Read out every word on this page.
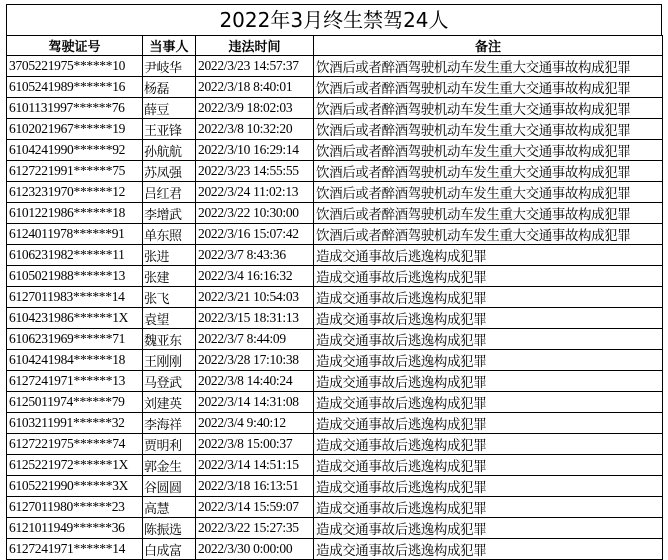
2022年3月终生禁驾24人
驾驶证号	当事人	违法时间	备注
3705221975******10	尹岐华	2022/3/23 14:57:37	饮酒后或者醉酒驾驶机动车发生重大交通事故构成犯罪
6105241989******16	杨磊	2022/3/18 8:40:01	饮酒后或者醉酒驾驶机动车发生重大交通事故构成犯罪
6101131997******76	薛豆	2022/3/9 18:02:03	饮酒后或者醉酒驾驶机动车发生重大交通事故构成犯罪
6102021967******19	王亚锋	2022/3/8 10:32:20	饮酒后或者醉酒驾驶机动车发生重大交通事故构成犯罪
6104241990******92	孙航航	2022/3/10 16:29:14	饮酒后或者醉酒驾驶机动车发生重大交通事故构成犯罪
6127221991******75	苏凤强	2022/3/23 14:55:55	饮酒后或者醉酒驾驶机动车发生重大交通事故构成犯罪
6123231970******12	吕红君	2022/3/24 11:02:13	饮酒后或者醉酒驾驶机动车发生重大交通事故构成犯罪
6101221986******18	李增武	2022/3/22 10:30:00	饮酒后或者醉酒驾驶机动车发生重大交通事故构成犯罪
6124011978******91	单东照	2022/3/16 15:07:42	饮酒后或者醉酒驾驶机动车发生重大交通事故构成犯罪
6106231982******11	张进	2022/3/7 8:43:36	造成交通事故后逃逸构成犯罪
6105021988******13	张建	2022/3/4 16:16:32	造成交通事故后逃逸构成犯罪
6127011983******14	张飞	2022/3/21 10:54:03	造成交通事故后逃逸构成犯罪
6104231986******1X	袁望	2022/3/15 18:31:13	造成交通事故后逃逸构成犯罪
6106231969******71	魏亚东	2022/3/7 8:44:09	造成交通事故后逃逸构成犯罪
6104241984******18	王刚刚	2022/3/28 17:10:38	造成交通事故后逃逸构成犯罪
6127241971******13	马登武	2022/3/8 14:40:24	造成交通事故后逃逸构成犯罪
6125011974******79	刘建英	2022/3/14 14:31:08	造成交通事故后逃逸构成犯罪
6103211991******32	李海祥	2022/3/4 9:40:12	造成交通事故后逃逸构成犯罪
6127221975******74	贾明利	2022/3/8 15:00:37	造成交通事故后逃逸构成犯罪
6125221972******1X	郭金生	2022/3/14 14:51:15	造成交通事故后逃逸构成犯罪
6105221990******3X	谷圆圆	2022/3/18 16:13:51	造成交通事故后逃逸构成犯罪
6127011980******23	高慧	2022/3/14 15:59:07	造成交通事故后逃逸构成犯罪
6121011949******36	陈振选	2022/3/22 15:27:35	造成交通事故后逃逸构成犯罪
6127241971******14	白成富	2022/3/30 0:00:00	造成交通事故后逃逸构成犯罪
